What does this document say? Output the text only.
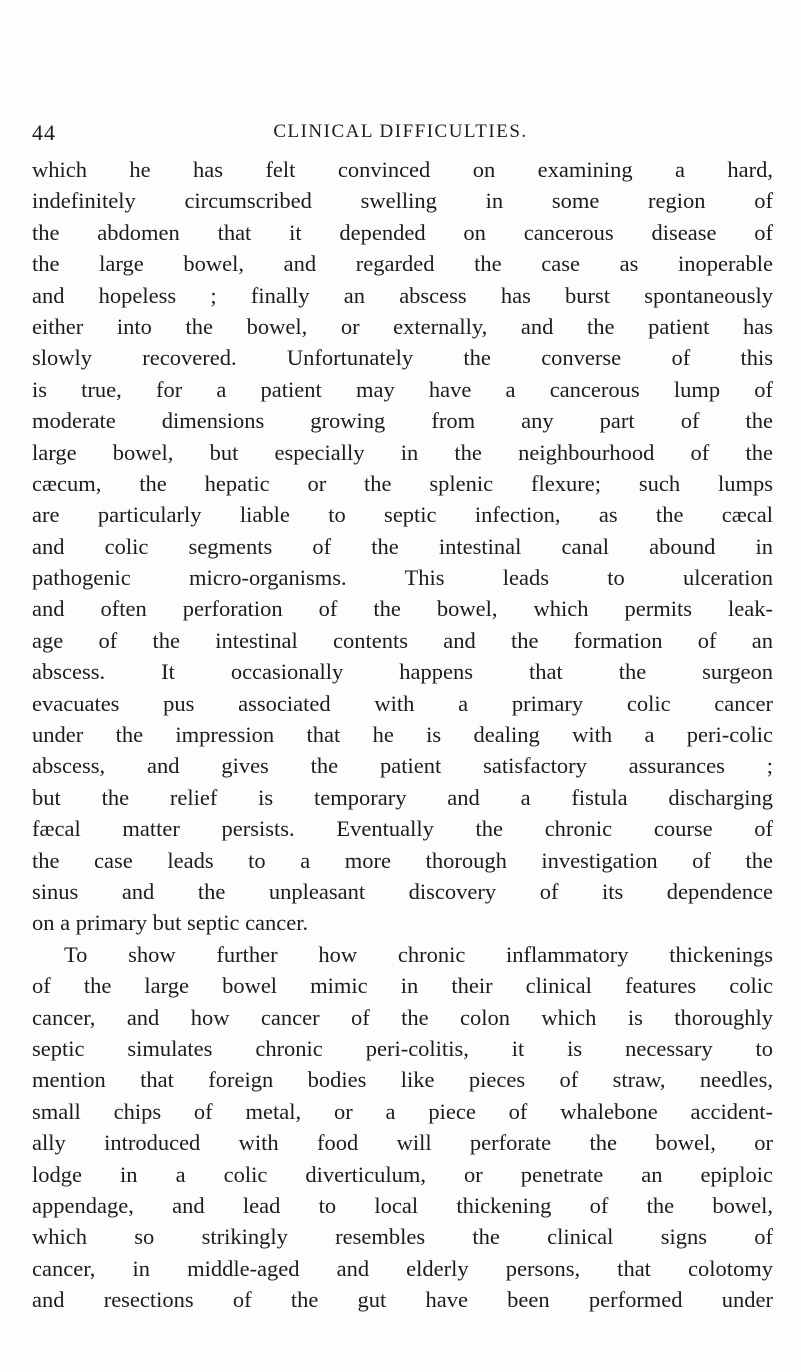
44	CLINICAL DIFFICULTIES.
which he has felt convinced on examining a hard,
indefinitely circumscribed swelling in some region of
the abdomen that it depended on cancerous disease of
the large bowel, and regarded the case as inoperable
and hopeless ; finally an abscess has burst spontaneously
either into the bowel, or externally, and the patient has
slowly recovered. Unfortunately the converse of this
is true, for a patient may have a cancerous lump of
moderate dimensions growing from any part of the
large bowel, but especially in the neighbourhood of the
cæcum, the hepatic or the splenic flexure; such lumps
are particularly liable to septic infection, as the cæcal
and colic segments of the intestinal canal abound in
pathogenic micro-organisms. This leads to ulceration
and often perforation of the bowel, which permits leak-
age of the intestinal contents and the formation of an
abscess. It occasionally happens that the surgeon
evacuates pus associated with a primary colic cancer
under the impression that he is dealing with a peri-colic
abscess, and gives the patient satisfactory assurances ;
but the relief is temporary and a fistula discharging
fæcal matter persists. Eventually the chronic course of
the case leads to a more thorough investigation of the
sinus and the unpleasant discovery of its dependence
on a primary but septic cancer.
To show further how chronic inflammatory thickenings
of the large bowel mimic in their clinical features colic
cancer, and how cancer of the colon which is thoroughly
septic simulates chronic peri-colitis, it is necessary to
mention that foreign bodies like pieces of straw, needles,
small chips of metal, or a piece of whalebone accident-
ally introduced with food will perforate the bowel, or
lodge in a colic diverticulum, or penetrate an epiploic
appendage, and lead to local thickening of the bowel,
which so strikingly resembles the clinical signs of
cancer, in middle-aged and elderly persons, that colotomy
and resections of the gut have been performed under
